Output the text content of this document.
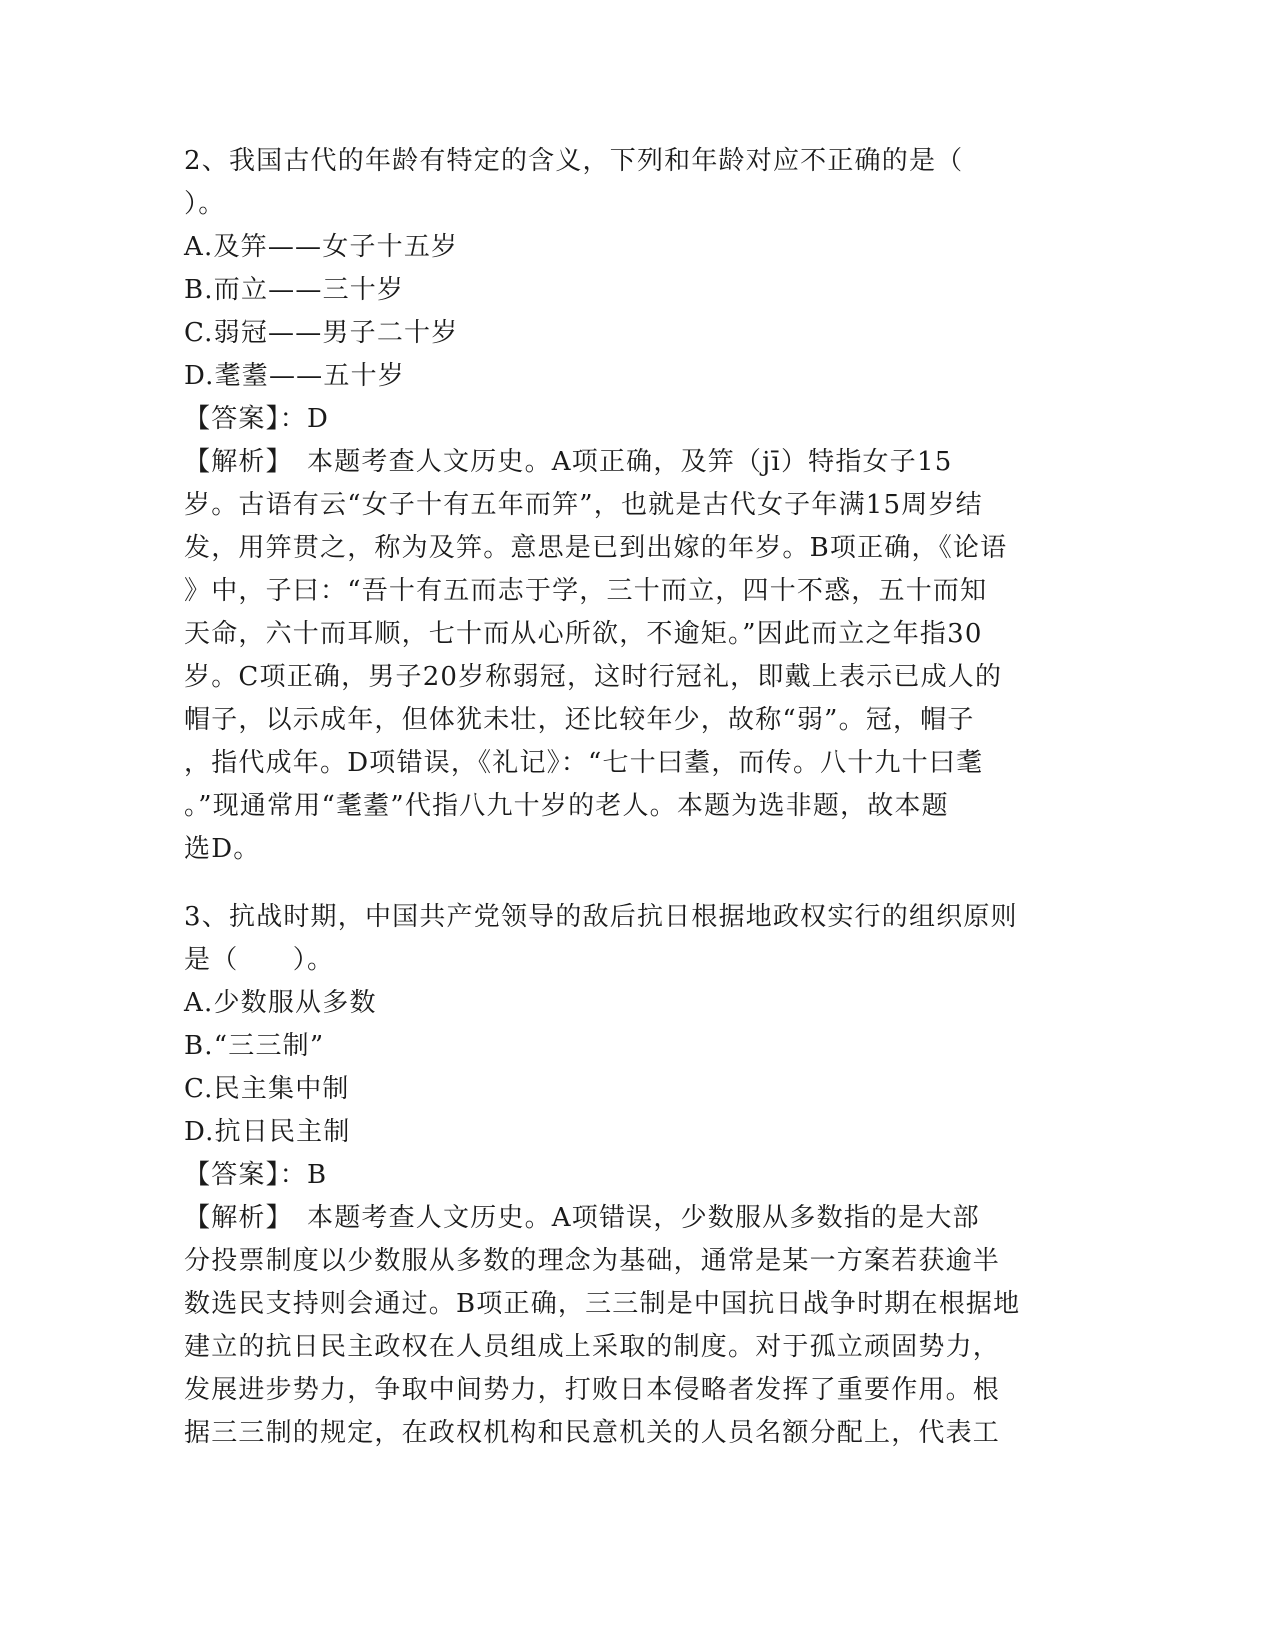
2、我国古代的年龄有特定的含义，下列和年龄对应不正确的是（
）。
A.及笄——女子十五岁
B.而立——三十岁
C.弱冠——男子二十岁
D.耄耋——五十岁
【答案】：D
【解析】　本题考查人文历史。A项正确，及笄（jī）特指女子15
岁。古语有云“女子十有五年而笄”，也就是古代女子年满15周岁结
发，用笄贯之，称为及笄。意思是已到出嫁的年岁。B项正确，《论语
》中，子曰：“吾十有五而志于学，三十而立，四十不惑，五十而知
天命，六十而耳顺，七十而从心所欲，不逾矩。”因此而立之年指30
岁。C项正确，男子20岁称弱冠，这时行冠礼，即戴上表示已成人的
帽子，以示成年，但体犹未壮，还比较年少，故称“弱”。冠，帽子
，指代成年。D项错误，《礼记》：“七十曰耋，而传。八十九十曰耄
。”现通常用“耄耋”代指八九十岁的老人。本题为选非题，故本题
选D。
3、抗战时期，中国共产党领导的敌后抗日根据地政权实行的组织原则
是（　　）。
A.少数服从多数
B.“三三制”
C.民主集中制
D.抗日民主制
【答案】：B
【解析】　本题考查人文历史。A项错误，少数服从多数指的是大部
分投票制度以少数服从多数的理念为基础，通常是某一方案若获逾半
数选民支持则会通过。B项正确，三三制是中国抗日战争时期在根据地
建立的抗日民主政权在人员组成上采取的制度。对于孤立顽固势力，
发展进步势力，争取中间势力，打败日本侵略者发挥了重要作用。根
据三三制的规定，在政权机构和民意机关的人员名额分配上，代表工
